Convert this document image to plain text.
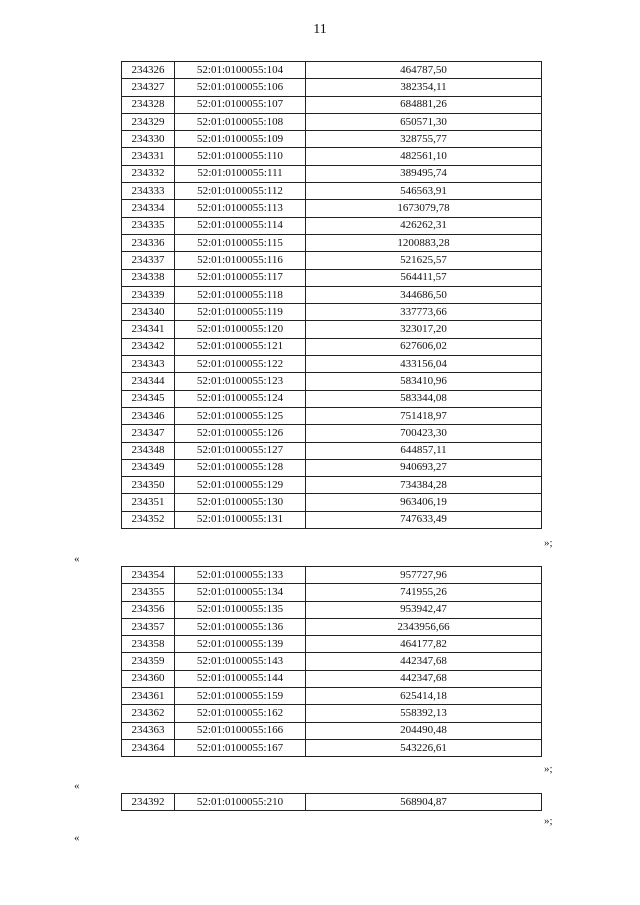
11
234326	52:01:0100055:104	464787,50
234327	52:01:0100055:106	382354,11
234328	52:01:0100055:107	684881,26
234329	52:01:0100055:108	650571,30
234330	52:01:0100055:109	328755,77
234331	52:01:0100055:110	482561,10
234332	52:01:0100055:111	389495,74
234333	52:01:0100055:112	546563,91
234334	52:01:0100055:113	1673079,78
234335	52:01:0100055:114	426262,31
234336	52:01:0100055:115	1200883,28
234337	52:01:0100055:116	521625,57
234338	52:01:0100055:117	564411,57
234339	52:01:0100055:118	344686,50
234340	52:01:0100055:119	337773,66
234341	52:01:0100055:120	323017,20
234342	52:01:0100055:121	627606,02
234343	52:01:0100055:122	433156,04
234344	52:01:0100055:123	583410,96
234345	52:01:0100055:124	583344,08
234346	52:01:0100055:125	751418,97
234347	52:01:0100055:126	700423,30
234348	52:01:0100055:127	644857,11
234349	52:01:0100055:128	940693,27
234350	52:01:0100055:129	734384,28
234351	52:01:0100055:130	963406,19
234352	52:01:0100055:131	747633,49
»;
«
234354	52:01:0100055:133	957727,96
234355	52:01:0100055:134	741955,26
234356	52:01:0100055:135	953942,47
234357	52:01:0100055:136	2343956,66
234358	52:01:0100055:139	464177,82
234359	52:01:0100055:143	442347,68
234360	52:01:0100055:144	442347,68
234361	52:01:0100055:159	625414,18
234362	52:01:0100055:162	558392,13
234363	52:01:0100055:166	204490,48
234364	52:01:0100055:167	543226,61
»;
«
234392	52:01:0100055:210	568904,87
»;
«
